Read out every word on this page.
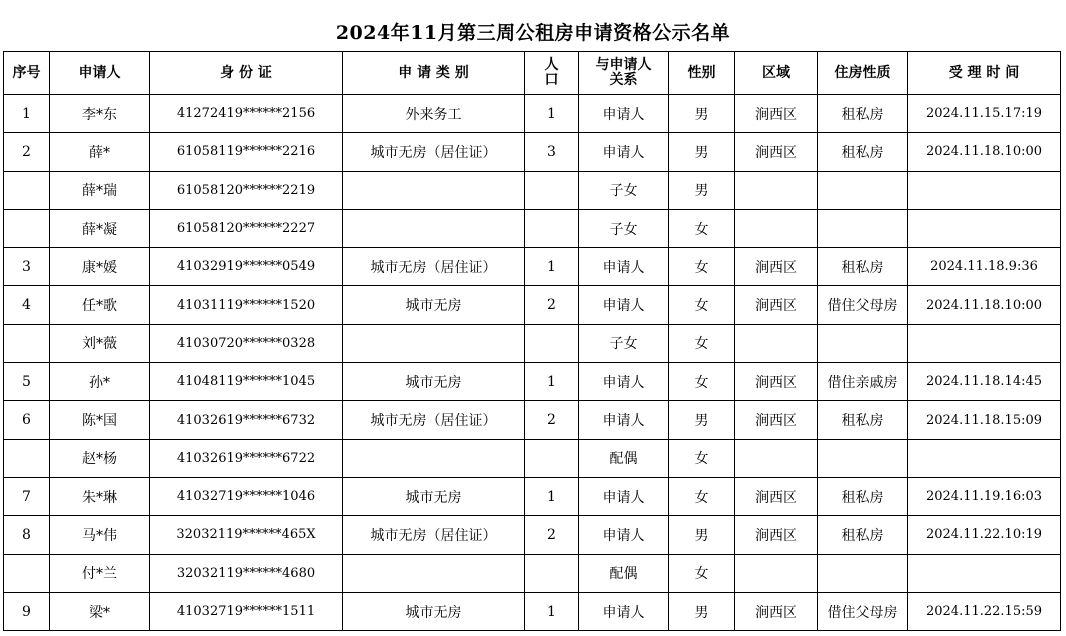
2024年11月第三周公租房申请资格公示名单
序号	申请人	身 份 证	申 请 类 别	人口	与申请人关系	性别	区域	住房性质	受 理 时 间
1	李*东	41272419******2156	外来务工	1	申请人	男	涧西区	租私房	2024.11.15.17:19
2	薛*	61058119******2216	城市无房（居住证）	3	申请人	男	涧西区	租私房	2024.11.18.10:00
	薛*瑞	61058120******2219			子女	男			
	薛*凝	61058120******2227			子女	女			
3	康*媛	41032919******0549	城市无房（居住证）	1	申请人	女	涧西区	租私房	2024.11.18.9:36
4	任*歌	41031119******1520	城市无房	2	申请人	女	涧西区	借住父母房	2024.11.18.10:00
	刘*薇	41030720******0328			子女	女			
5	孙*	41048119******1045	城市无房	1	申请人	女	涧西区	借住亲戚房	2024.11.18.14:45
6	陈*国	41032619******6732	城市无房（居住证）	2	申请人	男	涧西区	租私房	2024.11.18.15:09
	赵*杨	41032619******6722			配偶	女			
7	朱*琳	41032719******1046	城市无房	1	申请人	女	涧西区	租私房	2024.11.19.16:03
8	马*伟	32032119******465X	城市无房（居住证）	2	申请人	男	涧西区	租私房	2024.11.22.10:19
	付*兰	32032119******4680			配偶	女			
9	梁*	41032719******1511	城市无房	1	申请人	男	涧西区	借住父母房	2024.11.22.15:59
